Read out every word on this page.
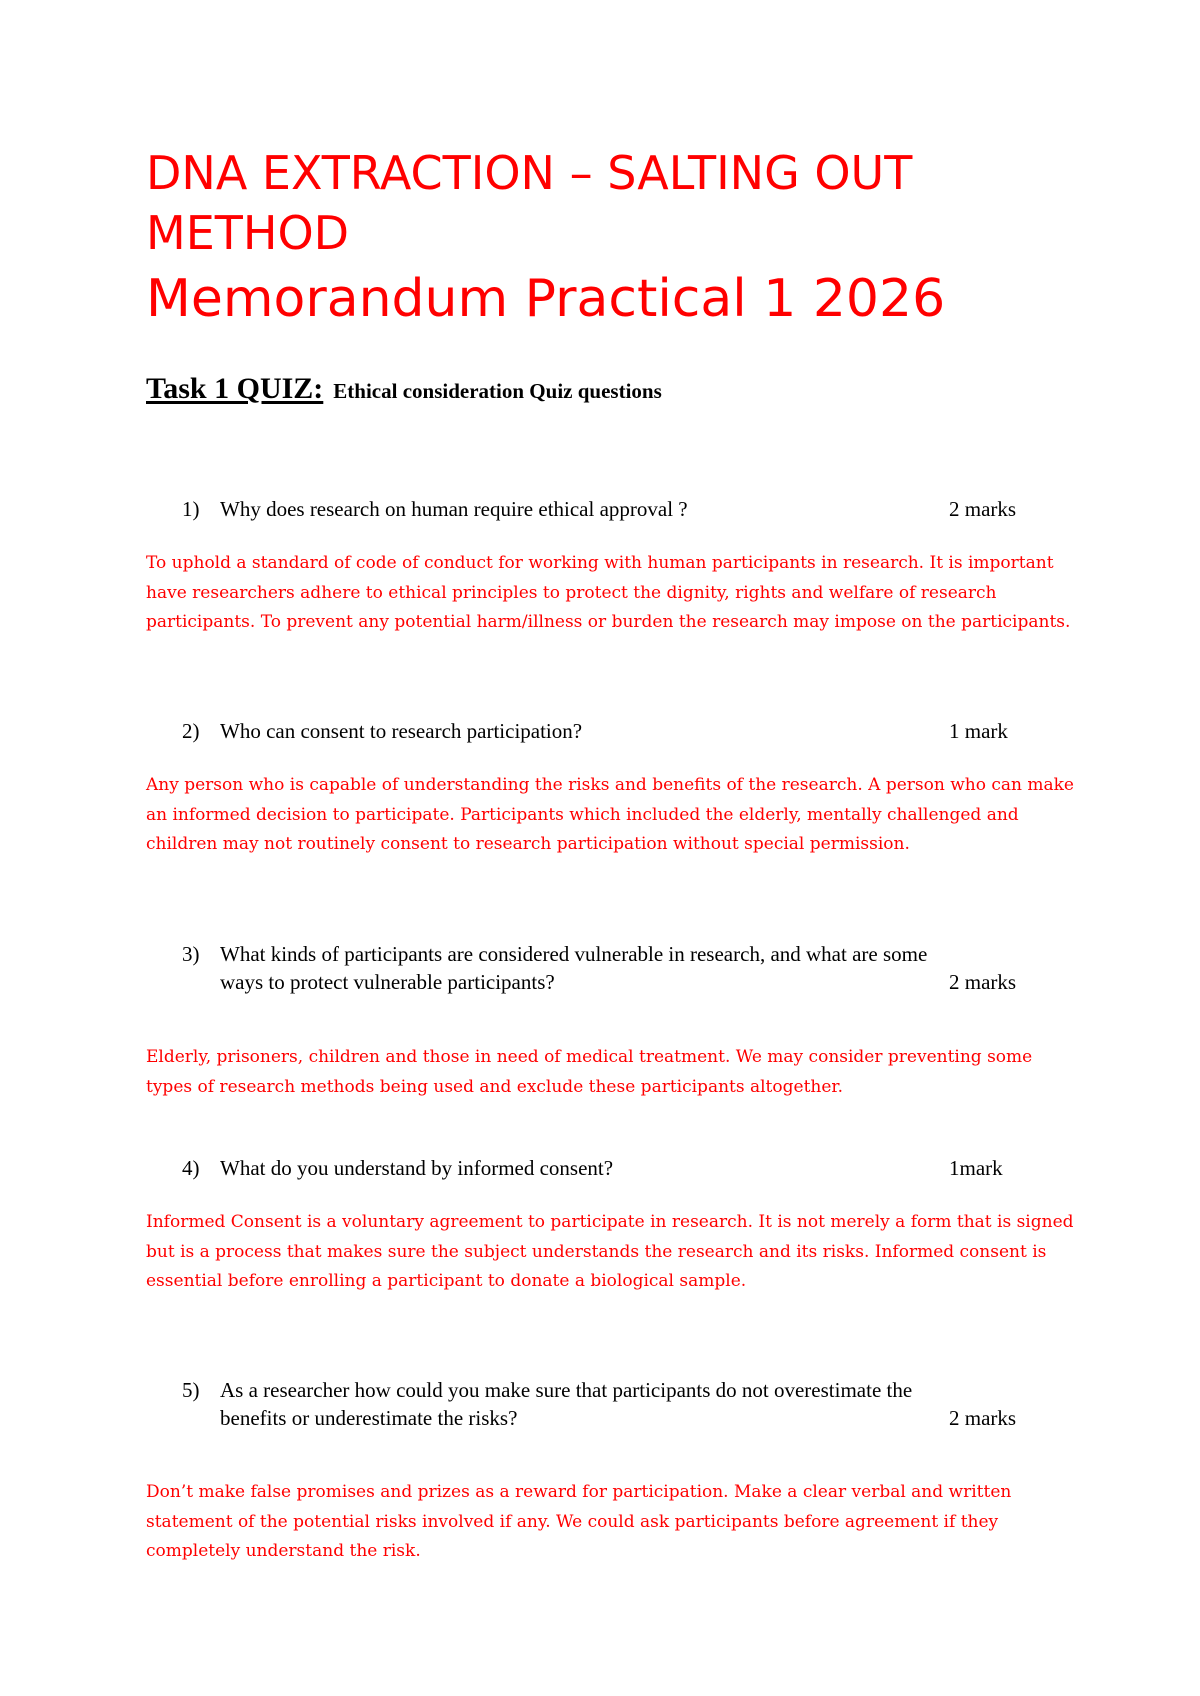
DNA EXTRACTION – SALTING OUT METHOD
Memorandum Practical 1 2026
Task 1 QUIZ: Ethical consideration Quiz questions
1) Why does research on human require ethical approval ?	2 marks

To uphold a standard of code of conduct for working with human participants in research. It is important have researchers adhere to ethical principles to protect the dignity, rights and welfare of research participants. To prevent any potential harm/illness or burden the research may impose on the participants.

2) Who can consent to research participation?	1 mark

Any person who is capable of understanding the risks and benefits of the research. A person who can make an informed decision to participate. Participants which included the elderly, mentally challenged and children may not routinely consent to research participation without special permission.

3) What kinds of participants are considered vulnerable in research, and what are some ways to protect vulnerable participants?	2 marks

Elderly, prisoners, children and those in need of medical treatment. We may consider preventing some types of research methods being used and exclude these participants altogether.

4) What do you understand by informed consent?	1mark

Informed Consent is a voluntary agreement to participate in research. It is not merely a form that is signed but is a process that makes sure the subject understands the research and its risks. Informed consent is essential before enrolling a participant to donate a biological sample.

5) As a researcher how could you make sure that participants do not overestimate the benefits or underestimate the risks?	2 marks

Don’t make false promises and prizes as a reward for participation. Make a clear verbal and written statement of the potential risks involved if any. We could ask participants before agreement if they completely understand the risk.
